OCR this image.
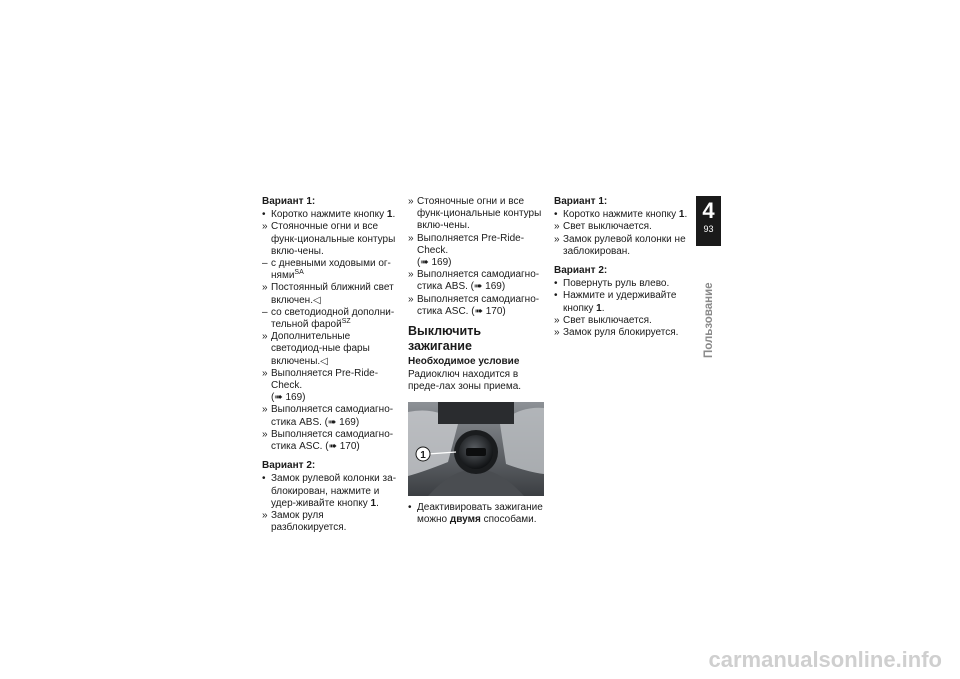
Вариант 1:
• Коротко нажмите кнопку 1.
» Стояночные огни и все функ-циональные контуры вклю-чены.
– с дневными ходовыми ог-нями$^{SA}$
» Постоянный ближний свет включен.◁
– со светодиодной дополни-тельной фарой$^{SZ}$
» Дополнительные светодиод-ные фары включены.◁
» Выполняется Pre-Ride-Check.
(➠ 169)
» Выполняется самодиагно-стика ABS. (➠ 169)
» Выполняется самодиагно-стика ASC. (➠ 170)
Вариант 2:
• Замок рулевой колонки за-блокирован, нажмите и удер-живайте кнопку 1.
» Замок руля разблокируется.
» Стояночные огни и все функ-циональные контуры вклю-чены.
» Выполняется Pre-Ride-Check.
(➠ 169)
» Выполняется самодиагно-стика ABS. (➠ 169)
» Выполняется самодиагно-стика ASC. (➠ 170)
Выключить зажигание
Необходимое условие
Радиоключ находится в преде-лах зоны приема.
1
• Деактивировать зажигание можно двумя способами.
Вариант 1:
• Коротко нажмите кнопку 1.
» Свет выключается.
» Замок рулевой колонки не заблокирован.
Вариант 2:
• Повернуть руль влево.
• Нажмите и удерживайте кнопку 1.
» Свет выключается.
» Замок руля блокируется.
4
93
Пользование
carmanualsonline.info
